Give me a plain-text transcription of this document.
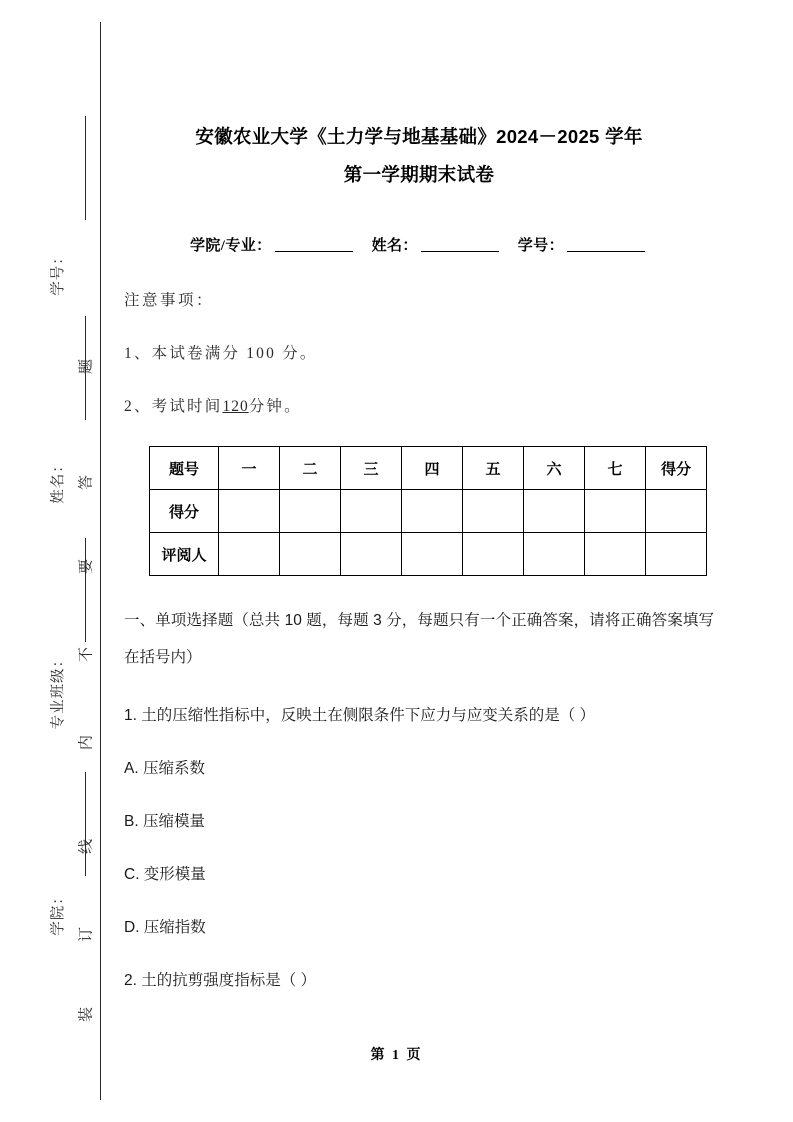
学号：
姓名：
专业班级：
学院：
题
答
要
不
内
线
订
装
安徽农业大学《土力学与地基基础》2024－2025 学年
第一学期期末试卷
学院/专业：	姓名：	学号：
注意事项：
1、本试卷满分 100 分。
2、考试时间120分钟。
题号	一	二	三	四	五	六	七	得分
得分								
评阅人								
一、单项选择题（总共 10 题，每题 3 分，每题只有一个正确答案，请将正确答案填写在括号内）
1. 土的压缩性指标中，反映土在侧限条件下应力与应变关系的是（ ）
A. 压缩系数
B. 压缩模量
C. 变形模量
D. 压缩指数
2. 土的抗剪强度指标是（ ）
第 1 页
